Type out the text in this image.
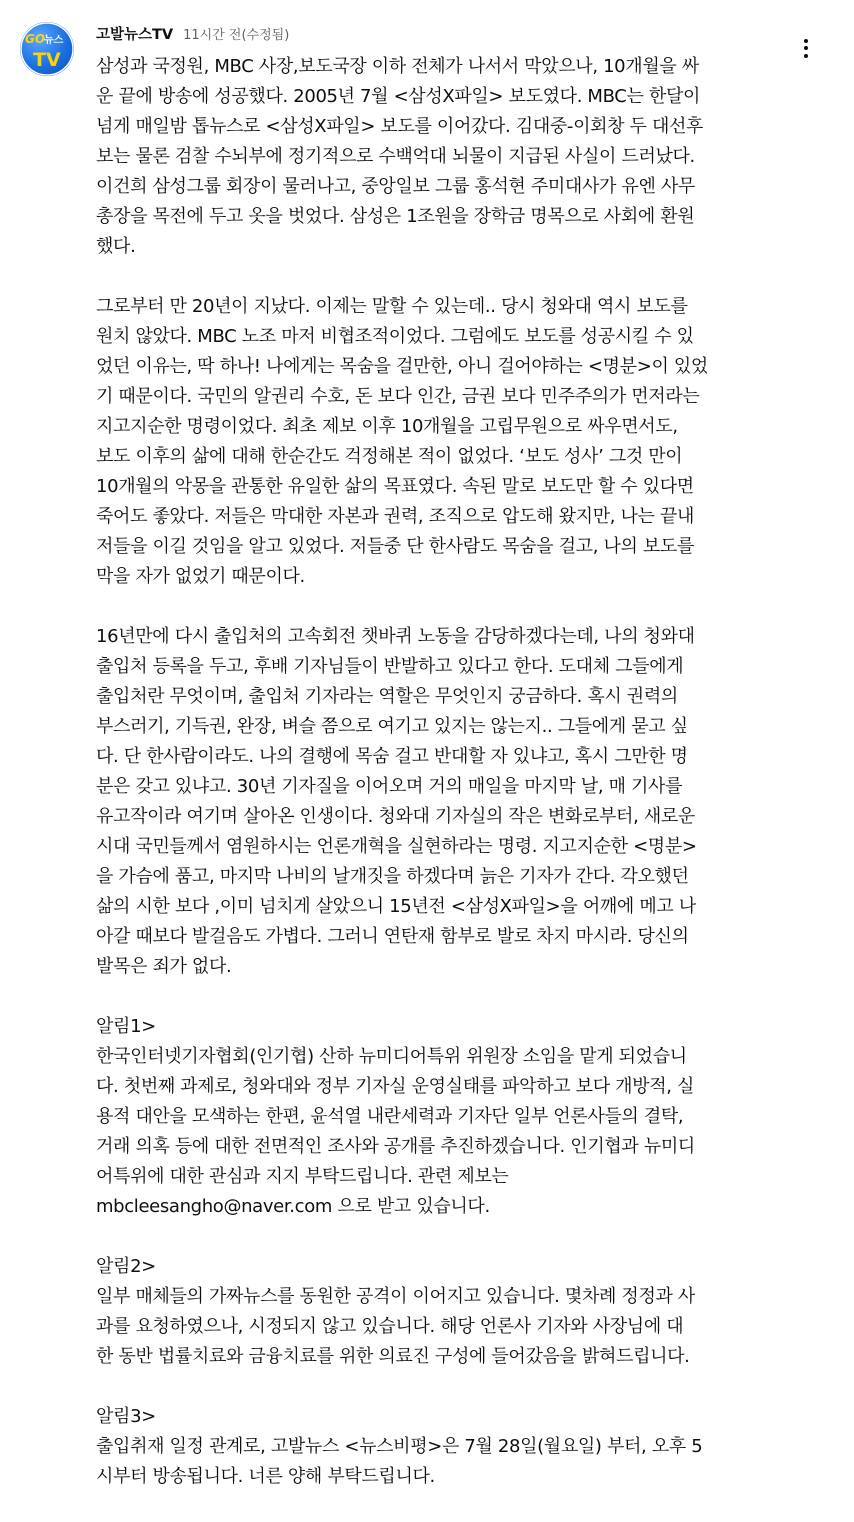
GO
뉴스
TV
고발뉴스TV 11시간 전(수정됨)

삼성과 국정원, MBC 사장,보도국장 이하 전체가 나서서 막았으나, 10개월을 싸
운 끝에 방송에 성공했다. 2005년 7월 <삼성X파일> 보도였다. MBC는 한달이
넘게 매일밤 톱뉴스로 <삼성X파일> 보도를 이어갔다. 김대중-이회창 두 대선후
보는 물론 검찰 수뇌부에 정기적으로 수백억대 뇌물이 지급된 사실이 드러났다.
이건희 삼성그룹 회장이 물러나고, 중앙일보 그룹 홍석현 주미대사가 유엔 사무
총장을 목전에 두고 옷을 벗었다. 삼성은 1조원을 장학금 명목으로 사회에 환원
했다.

그로부터 만 20년이 지났다. 이제는 말할 수 있는데.. 당시 청와대 역시 보도를
원치 않았다. MBC 노조 마저 비협조적이었다. 그럼에도 보도를 성공시킬 수 있
었던 이유는, 딱 하나! 나에게는 목숨을 걸만한, 아니 걸어야하는 <명분>이 있었
기 때문이다. 국민의 알권리 수호, 돈 보다 인간, 금권 보다 민주주의가 먼저라는
지고지순한 명령이었다. 최초 제보 이후 10개월을 고립무원으로 싸우면서도,
보도 이후의 삶에 대해 한순간도 걱정해본 적이 없었다. ‘보도 성사’ 그것 만이
10개월의 악몽을 관통한 유일한 삶의 목표였다. 속된 말로 보도만 할 수 있다면
죽어도 좋았다. 저들은 막대한 자본과 권력, 조직으로 압도해 왔지만, 나는 끝내
저들을 이길 것임을 알고 있었다. 저들중 단 한사람도 목숨을 걸고, 나의 보도를
막을 자가 없었기 때문이다.

16년만에 다시 출입처의 고속회전 챗바퀴 노동을 감당하겠다는데, 나의 청와대
출입처 등록을 두고, 후배 기자님들이 반발하고 있다고 한다. 도대체 그들에게
출입처란 무엇이며, 출입처 기자라는 역할은 무엇인지 궁금하다. 혹시 권력의
부스러기, 기득권, 완장, 벼슬 쯤으로 여기고 있지는 않는지.. 그들에게 묻고 싶
다. 단 한사람이라도. 나의 결행에 목숨 걸고 반대할 자 있냐고, 혹시 그만한 명
분은 갖고 있냐고. 30년 기자질을 이어오며 거의 매일을 마지막 날, 매 기사를
유고작이라 여기며 살아온 인생이다. 청와대 기자실의 작은 변화로부터, 새로운
시대 국민들께서 염원하시는 언론개혁을 실현하라는 명령. 지고지순한 <명분>
을 가슴에 품고, 마지막 나비의 날개짓을 하겠다며 늙은 기자가 간다. 각오했던
삶의 시한 보다 ,이미 넘치게 살았으니 15년전 <삼성X파일>을 어깨에 메고 나
아갈 때보다 발걸음도 가볍다. 그러니 연탄재 함부로 발로 차지 마시라. 당신의
발목은 죄가 없다.

알림1>
한국인터넷기자협회(인기협) 산하 뉴미디어특위 위원장 소임을 맡게 되었습니
다. 첫번째 과제로, 청와대와 정부 기자실 운영실태를 파악하고 보다 개방적, 실
용적 대안을 모색하는 한편, 윤석열 내란세력과 기자단 일부 언론사들의 결탁,
거래 의혹 등에 대한 전면적인 조사와 공개를 추진하겠습니다. 인기협과 뉴미디
어특위에 대한 관심과 지지 부탁드립니다. 관련 제보는
mbcleesangho@naver.com 으로 받고 있습니다.

알림2>
일부 매체들의 가짜뉴스를 동원한 공격이 이어지고 있습니다. 몇차례 정정과 사
과를 요청하였으나, 시정되지 않고 있습니다. 해당 언론사 기자와 사장님에 대
한 동반 법률치료와 금융치료를 위한 의료진 구성에 들어갔음을 밝혀드립니다.

알림3>
출입취재 일정 관계로, 고발뉴스 <뉴스비평>은 7월 28일(월요일) 부터, 오후 5
시부터 방송됩니다. 너른 양해 부탁드립니다.
